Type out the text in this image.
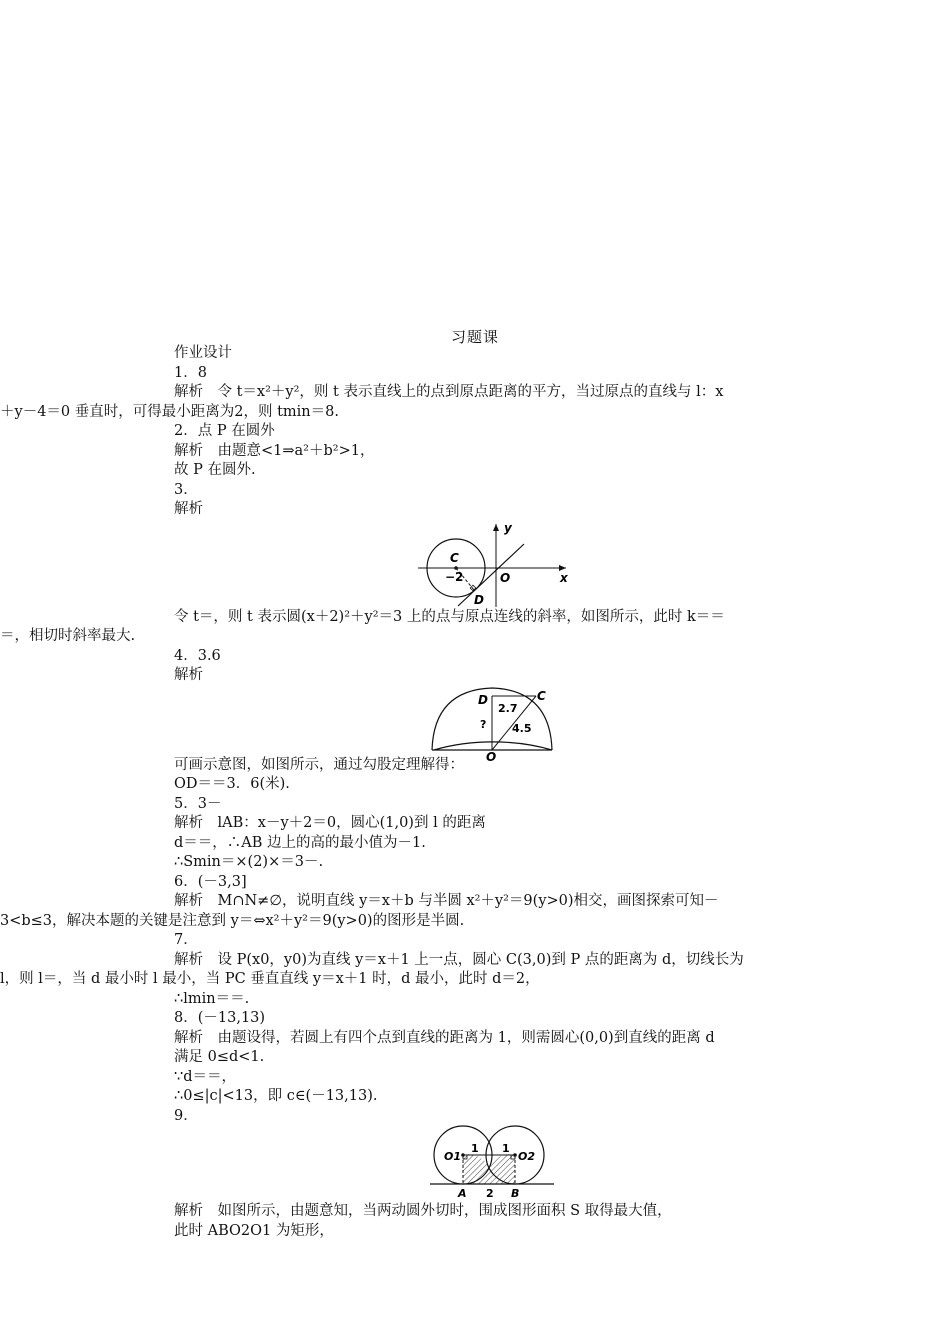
习题课
作业设计
1．8
解析　令 t＝x²＋y²，则 t 表示直线上的点到原点距离的平方，当过原点的直线与 l：x
＋y－4＝0 垂直时，可得最小距离为2，则 tmin＝8.
2．点 P 在圆外
解析　由题意<1⇒a²＋b²>1，
故 P 在圆外.
3．
解析
y
C
−2	O	x
D
令 t＝，则 t 表示圆(x＋2)²＋y²＝3 上的点与原点连线的斜率，如图所示，此时 k＝＝
＝，相切时斜率最大.
4．3.6
解析
D	C
2.7
? 4.5
O
可画示意图，如图所示，通过勾股定理解得：
OD＝＝3．6(米).
5．3－
解析　lAB：x－y＋2＝0，圆心(1,0)到 l 的距离
d＝＝，∴AB 边上的高的最小值为－1.
∴Smin＝×(2)×＝3－.
6．(－3,3]
解析　M∩N≠∅，说明直线 y＝x＋b 与半圆 x²＋y²＝9(y>0)相交，画图探索可知－
3<b≤3，解决本题的关键是注意到 y＝⇔x²＋y²＝9(y>0)的图形是半圆.
7．
解析　设 P(x0，y0)为直线 y＝x＋1 上一点，圆心 C(3,0)到 P 点的距离为 d，切线长为
l，则 l＝，当 d 最小时 l 最小，当 PC 垂直直线 y＝x＋1 时，d 最小，此时 d＝2，
∴lmin＝＝.
8．(－13,13)
解析　由题设得，若圆上有四个点到直线的距离为 1，则需圆心(0,0)到直线的距离 d
满足 0≤d<1.
∵d＝＝，
∴0≤|c|<13，即 c∈(－13,13).
9．
O1
1 1
O2
A 2 B
解析　如图所示，由题意知，当两动圆外切时，围成图形面积 S 取得最大值，
此时 ABO2O1 为矩形，
